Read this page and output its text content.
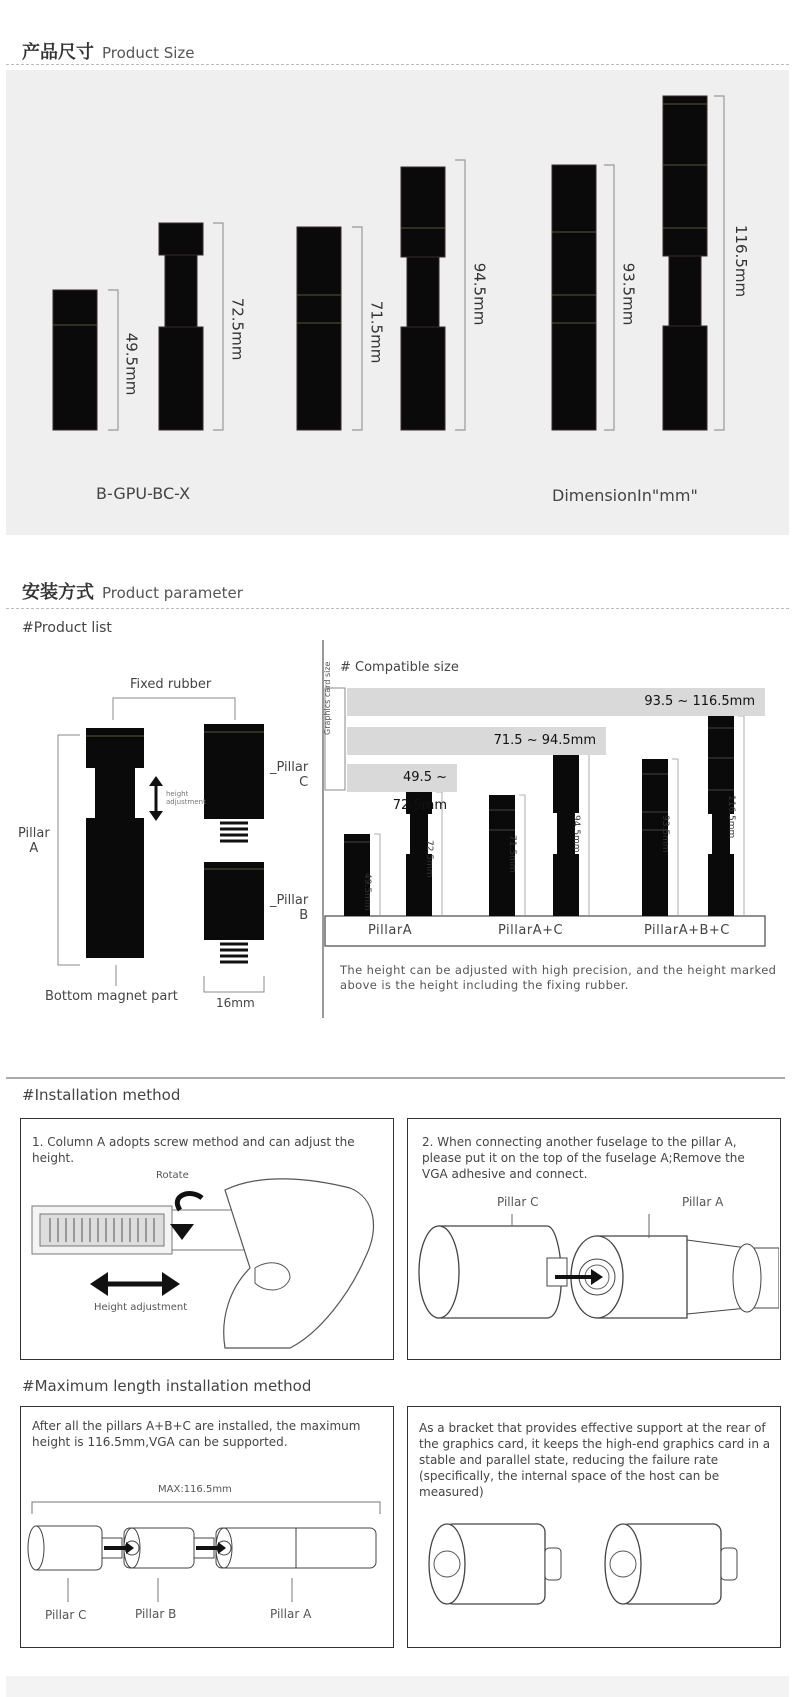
产品尺寸 Product Size
49.5mm
72.5mm	71.5mm
94.5mm	93.5mm	116.5mm
B-GPU-BC-X	DimensionIn"mm"
安装方式 Product parameter
#Product list
Fixed rubber
Pillar
A
_Pillar
C
_Pillar
B
height
adjustment
Bottom magnet part	16mm
# Compatible size
Graphics card size	93.5 ~ 116.5mm
71.5 ~ 94.5mm
49.5 ~ 72.5mm
PillarA	PillarA+C	PillarA+B+C
49.5mm
72.5mm	71.5mm
94.5mm	93.5mm	116.5mm
The height can be adjusted with high precision, and the height marked above is the height including the fixing rubber.
#Installation method
1. Column A adopts screw method and can adjust the height.
Rotate
Height adjustment
2. When connecting another fuselage to the pillar A, please put it on the top of the fuselage A;Remove the VGA adhesive and connect.
Pillar C	Pillar A
#Maximum length installation method
After all the pillars A+B+C are installed, the maximum height is 116.5mm,VGA can be supported.
MAX:116.5mm
Pillar C	Pillar B	Pillar A
As a bracket that provides effective support at the rear of the graphics card, it keeps the high-end graphics card in a stable and parallel state, reducing the failure rate (specifically, the internal space of the host can be measured)
